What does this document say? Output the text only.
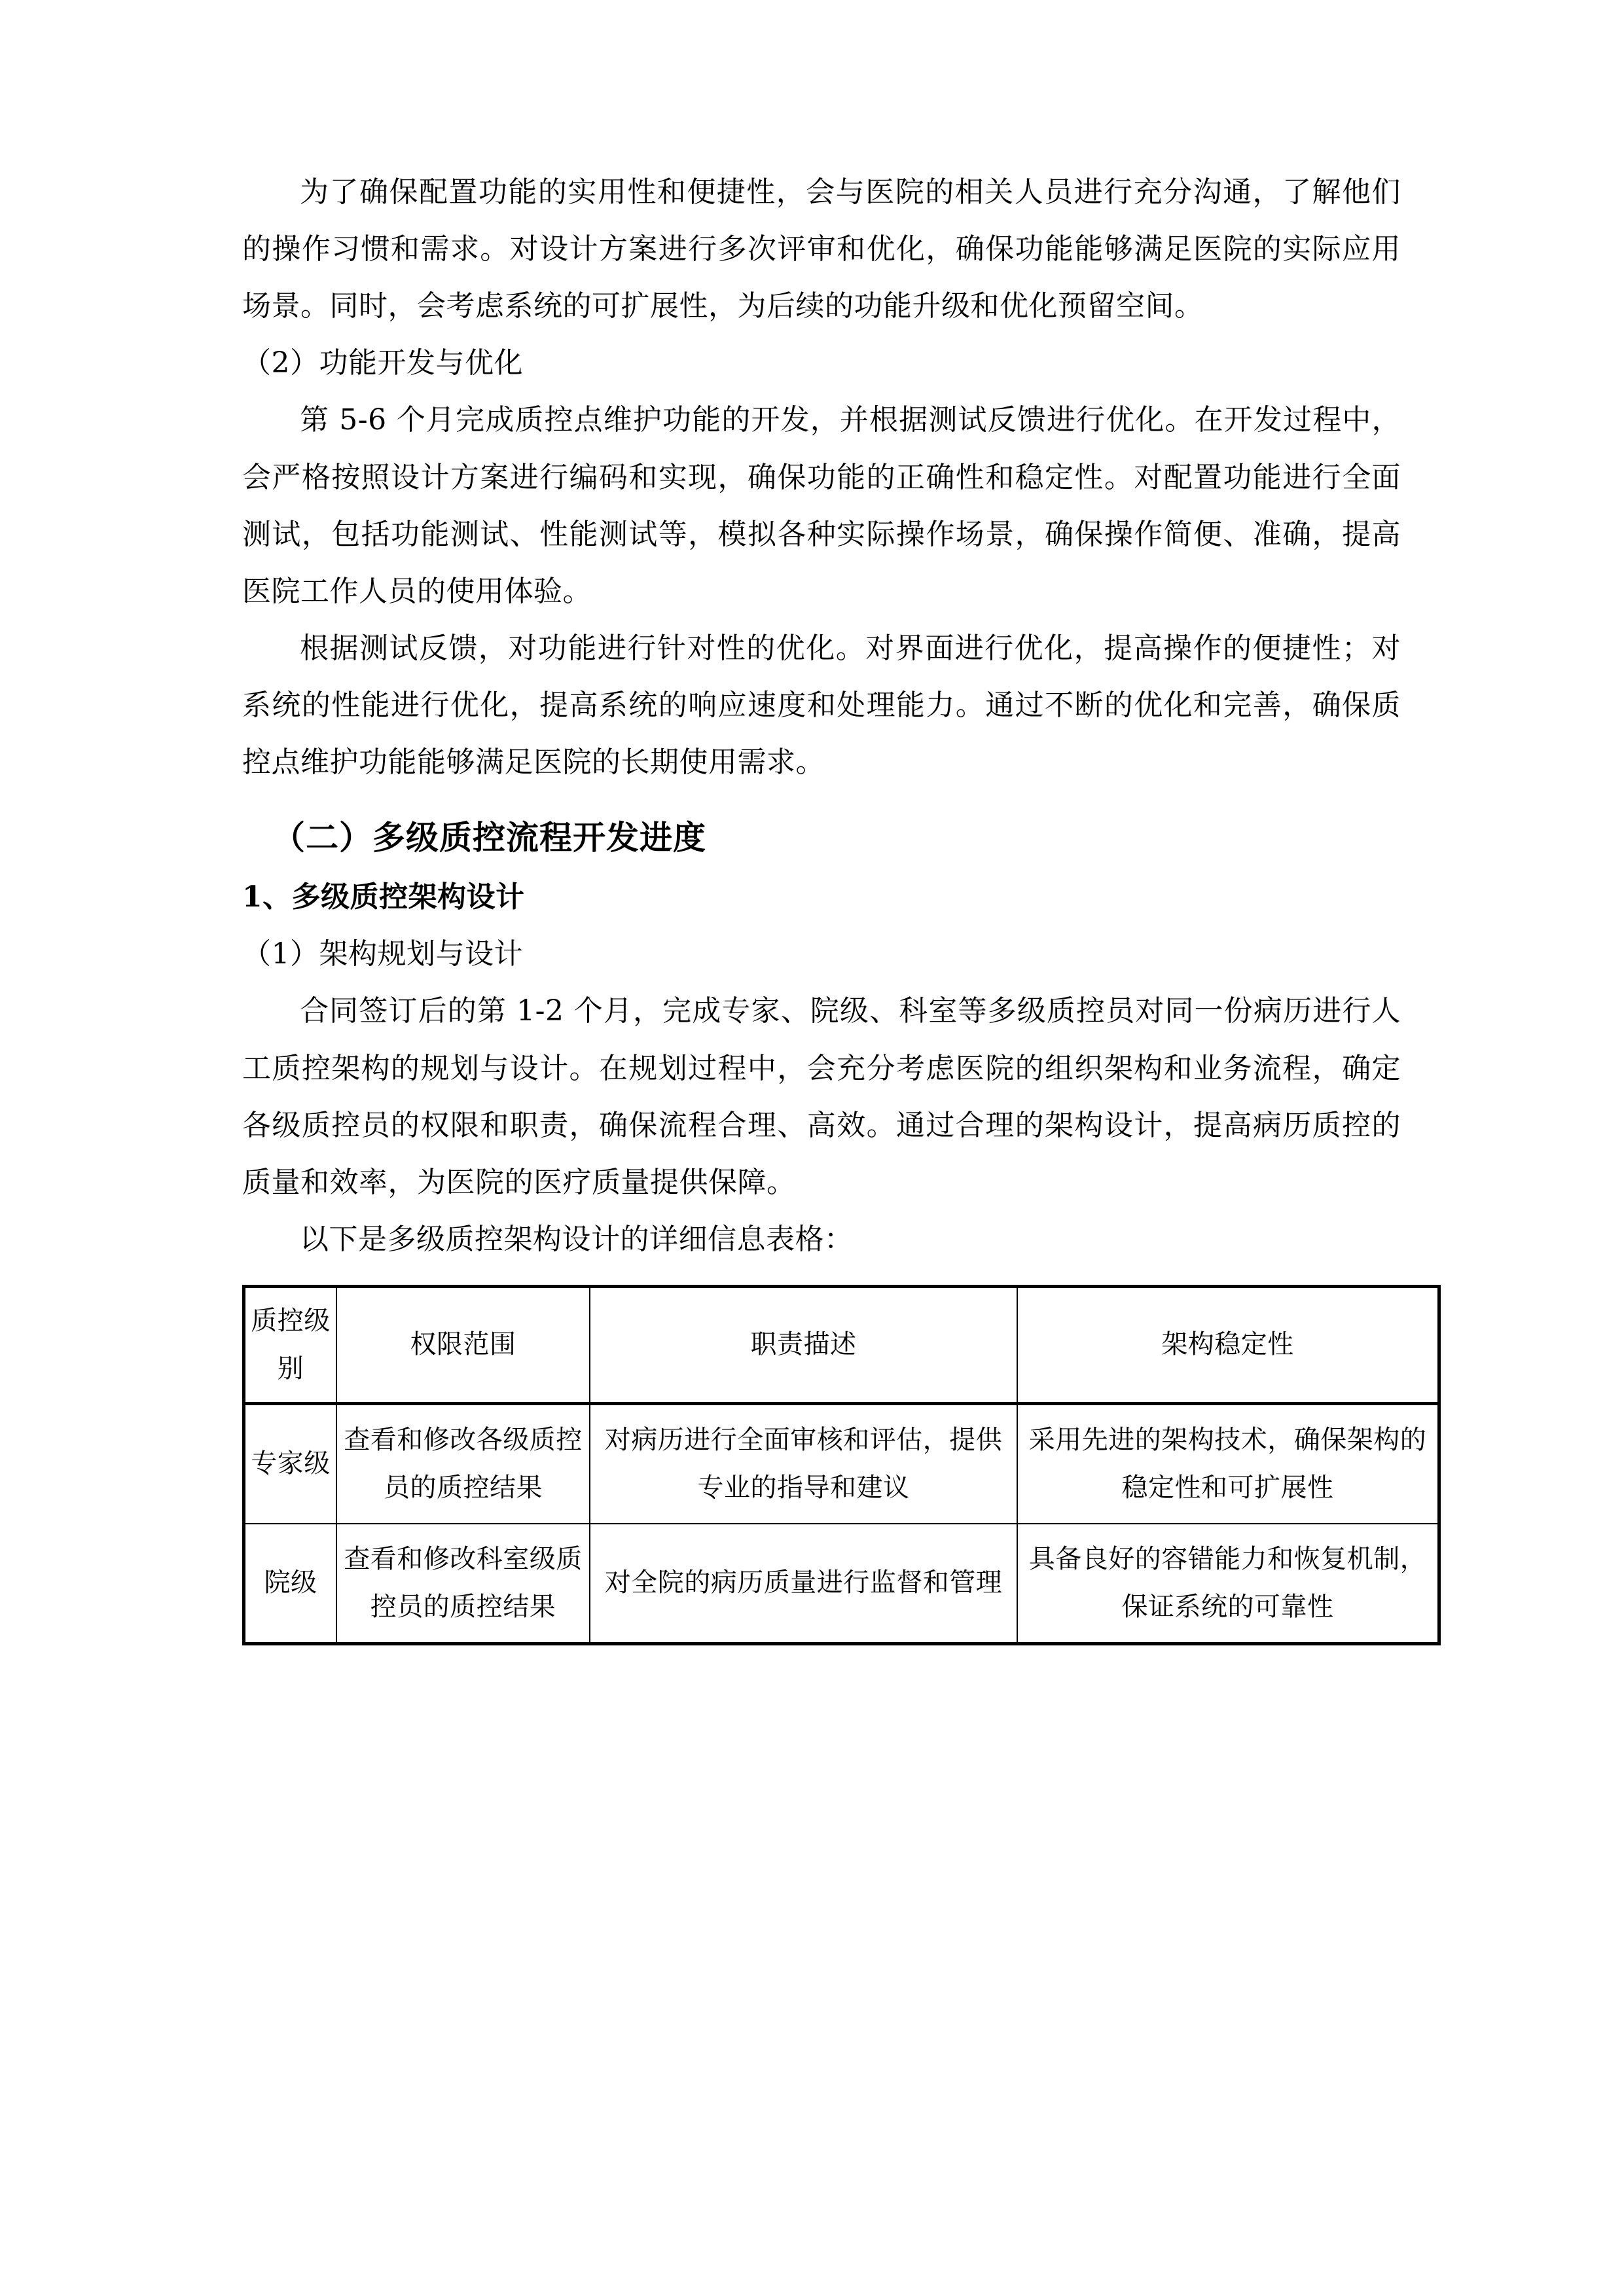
为了确保配置功能的实用性和便捷性，会与医院的相关人员进行充分沟通，了解他们的操作习惯和需求。对设计方案进行多次评审和优化，确保功能能够满足医院的实际应用场景。同时，会考虑系统的可扩展性，为后续的功能升级和优化预留空间。

（2）功能开发与优化

第 5-6 个月完成质控点维护功能的开发，并根据测试反馈进行优化。在开发过程中，会严格按照设计方案进行编码和实现，确保功能的正确性和稳定性。对配置功能进行全面测试，包括功能测试、性能测试等，模拟各种实际操作场景，确保操作简便、准确，提高医院工作人员的使用体验。

根据测试反馈，对功能进行针对性的优化。对界面进行优化，提高操作的便捷性；对系统的性能进行优化，提高系统的响应速度和处理能力。通过不断的优化和完善，确保质控点维护功能能够满足医院的长期使用需求。

（二）多级质控流程开发进度
1、多级质控架构设计
（1）架构规划与设计

合同签订后的第 1-2 个月，完成专家、院级、科室等多级质控员对同一份病历进行人工质控架构的规划与设计。在规划过程中，会充分考虑医院的组织架构和业务流程，确定各级质控员的权限和职责，确保流程合理、高效。通过合理的架构设计，提高病历质控的质量和效率，为医院的医疗质量提供保障。

以下是多级质控架构设计的详细信息表格：

质控级别	权限范围	职责描述	架构稳定性
专家级	查看和修改各级质控员的质控结果	对病历进行全面审核和评估，提供专业的指导和建议	采用先进的架构技术，确保架构的稳定性和可扩展性
院级	查看和修改科室级质控员的质控结果	对全院的病历质量进行监督和管理	具备良好的容错能力和恢复机制，保证系统的可靠性
